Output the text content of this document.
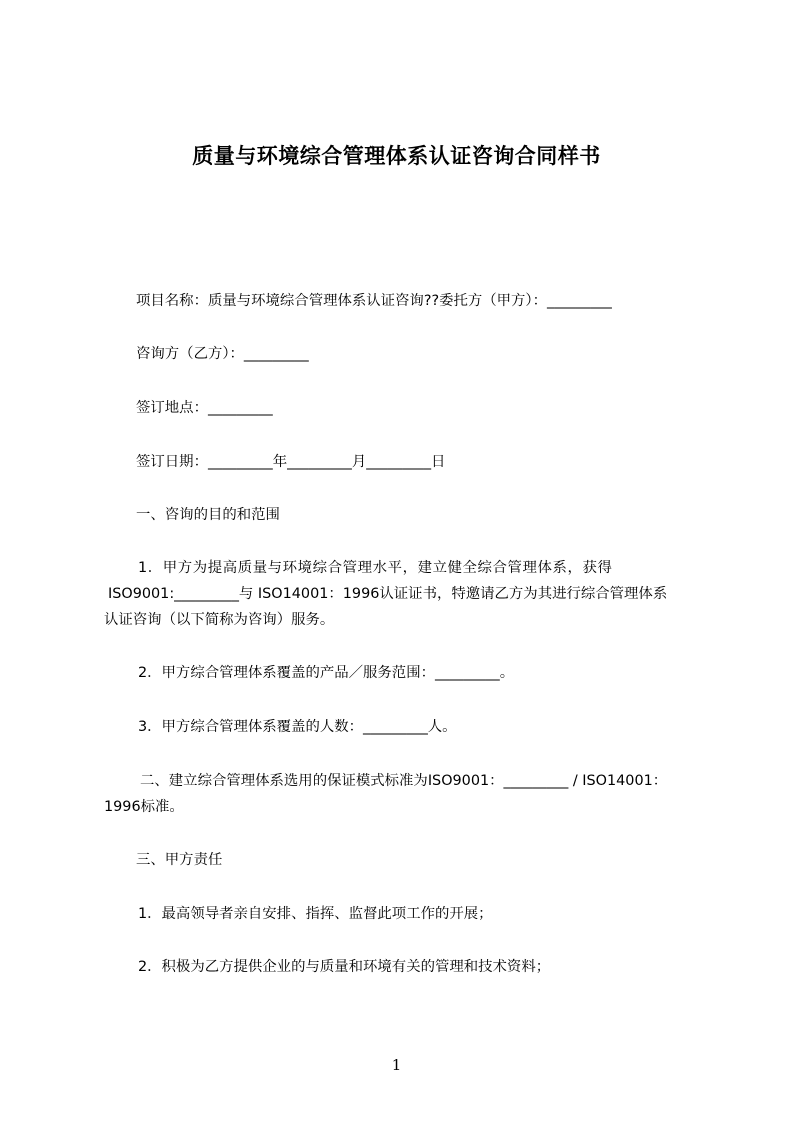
质量与环境综合管理体系认证咨询合同样书
项目名称：质量与环境综合管理体系认证咨询??委托方（甲方）：_________
咨询方（乙方）：_________
签订地点：_________
签订日期：_________年_________月_________日
一、咨询的目的和范围
1．甲方为提高质量与环境综合管理水平，建立健全综合管理体系，获得
ISO9001:_________与 ISO14001：1996认证证书，特邀请乙方为其进行综合管理体系
认证咨询（以下简称为咨询）服务。
2．甲方综合管理体系覆盖的产品／服务范围：_________。
3．甲方综合管理体系覆盖的人数：_________人。
二、建立综合管理体系选用的保证模式标准为ISO9001：_________ / ISO14001：
1996标准。
三、甲方责任
1．最高领导者亲自安排、指挥、监督此项工作的开展；
2．积极为乙方提供企业的与质量和环境有关的管理和技术资料；
1
